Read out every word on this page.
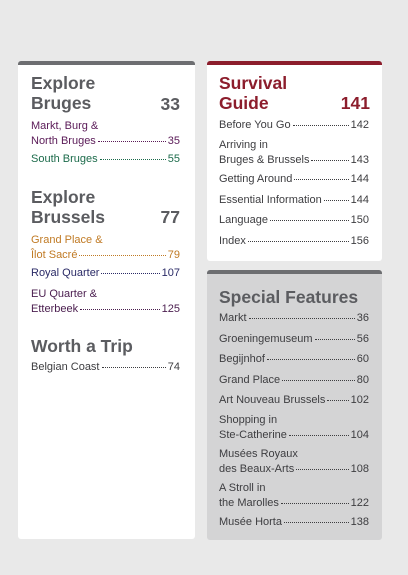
Explore
Bruges	33
Markt, Burg &
North Bruges	35
South Bruges	55
Explore
Brussels	77
Grand Place &
Îlot Sacré	79
Royal Quarter	107
EU Quarter &
Etterbeek	125
Worth a Trip
Belgian Coast	74
Survival
Guide	141
Before You Go	142
Arriving in
Bruges & Brussels	143
Getting Around	144
Essential Information	144
Language	150
Index	156
Special Features
Markt	36
Groeningemuseum	56
Begijnhof	60
Grand Place	80
Art Nouveau Brussels 102
Shopping in
Ste-Catherine	104
Musées Royaux
des Beaux-Arts	108
A Stroll in
the Marolles	122
Musée Horta	138
